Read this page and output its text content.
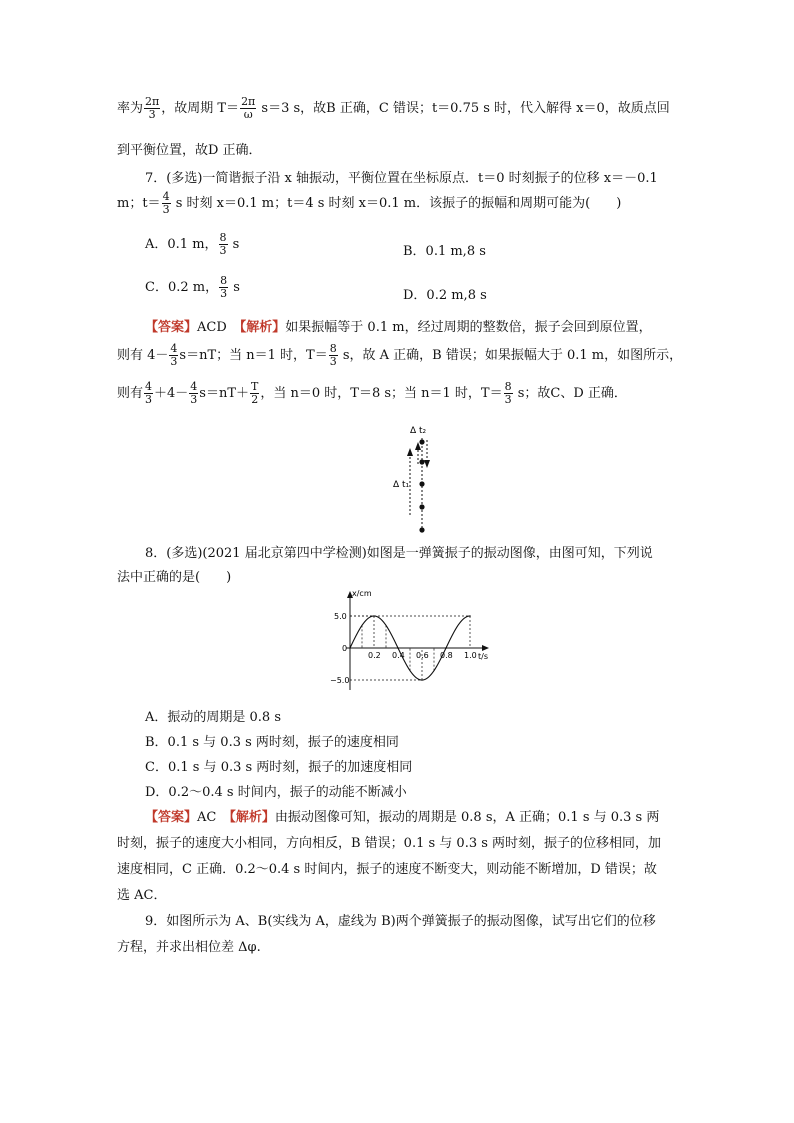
率为 $\frac{2\pi}{3}$ ，故周期 $T= \frac{2\pi}{\omega} s=3$ s，故B 正确，C 错误；t＝0.75 s 时，代入解得 x＝0，故质点回
到平衡位置，故D 正确．
7．(多选)一简谐振子沿 x 轴振动，平衡位置在坐标原点．t＝0 时刻振子的位移 x＝－0.1
m；$t= \frac{4}{3}$ s 时刻 x＝0.1 m；t＝4 s 时刻 x＝0.1 m．该振子的振幅和周期可能为(　　)
A．0.1 m， $\frac{8}{3}$ s	B．0.1 m,8 s
C．0.2 m， $\frac{8}{3}$ s
D．0.2 m,8 s
【答案】ACD　【解析】如果振幅等于 0.1 m，经过周期的整数倍，振子会回到原位置，
则有 $4- \frac{4}{3} s=nT$；当 n＝1 时，$T= \frac{8}{3}$ s，故 A 正确，B 错误；如果振幅大于 0.1 m，如图所示，
则有 $\frac{4}{3} +4- \frac{4}{3} s=nT+ \frac{T}{2}$ ，当 n＝0 时，T＝8 s；当 n＝1 时，$T= \frac{8}{3}$ s；故C、D 正确．
Δ t₂
Δ t₁
8．(多选)(2021 届北京第四中学检测)如图是一弹簧振子的振动图像，由图可知，下列说
法中正确的是(　　)
x/cm
t/s
5.0
0
−5.0
0.2 0.4 0.6 0.8 1.0
A．振动的周期是 0.8 s
B．0.1 s 与 0.3 s 两时刻，振子的速度相同
C．0.1 s 与 0.3 s 两时刻，振子的加速度相同
D．0.2～0.4 s 时间内，振子的动能不断减小
【答案】AC　【解析】由振动图像可知，振动的周期是 0.8 s，A 正确；0.1 s 与 0.3 s 两
时刻，振子的速度大小相同，方向相反，B 错误；0.1 s 与 0.3 s 两时刻，振子的位移相同，加
速度相同，C 正确．0.2～0.4 s 时间内，振子的速度不断变大，则动能不断增加，D 错误；故
选 AC．
9．如图所示为 A、B(实线为 A，虚线为 B)两个弹簧振子的振动图像，试写出它们的位移
方程，并求出相位差 Δφ.
